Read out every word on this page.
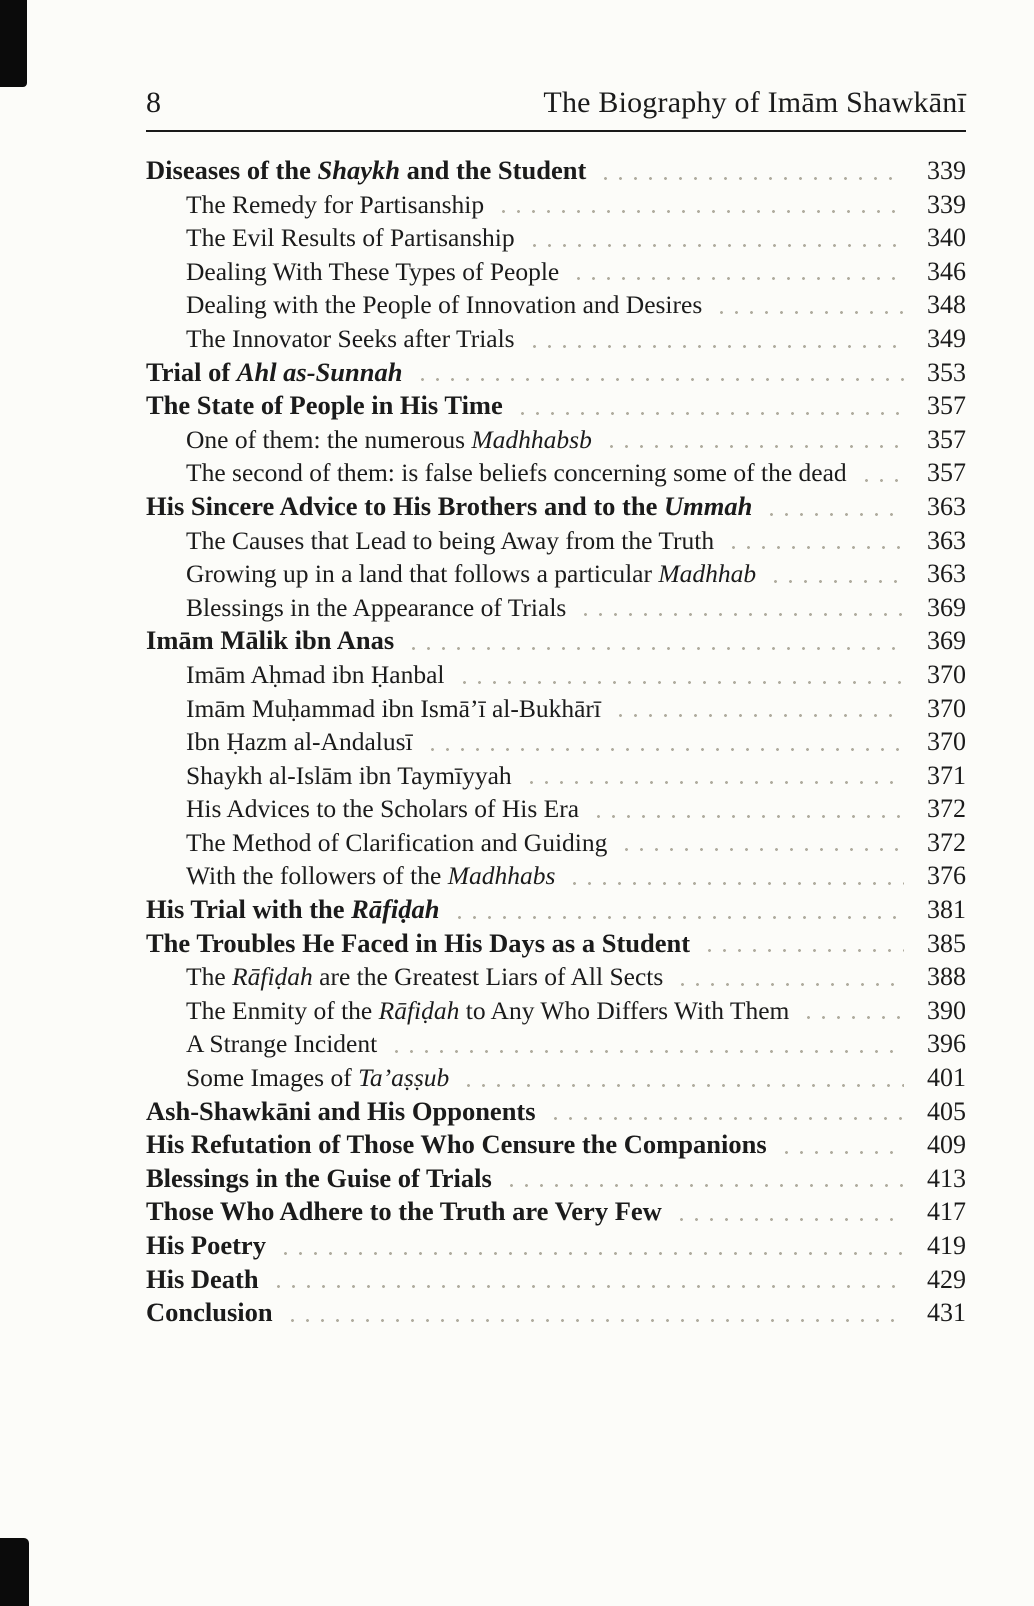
8	The Biography of Imām Shawkānī
Diseases of the Shaykh and the Student	339
The Remedy for Partisanship	339
The Evil Results of Partisanship	340
Dealing With These Types of People	346
Dealing with the People of Innovation and Desires	348
The Innovator Seeks after Trials	349
Trial of Ahl as-Sunnah	353
The State of People in His Time	357
One of them: the numerous Madhhabsb	357
The second of them: is false beliefs concerning some of the dead	357
His Sincere Advice to His Brothers and to the Ummah	363
The Causes that Lead to being Away from the Truth	363
Growing up in a land that follows a particular Madhhab	363
Blessings in the Appearance of Trials	369
Imām Mālik ibn Anas	369
Imām Aḥmad ibn Ḥanbal	370
Imām Muḥammad ibn Ismā’ī al-Bukhārī	370
Ibn Ḥazm al-Andalusī	370
Shaykh al-Islām ibn Taymīyyah	371
His Advices to the Scholars of His Era	372
The Method of Clarification and Guiding	372
With the followers of the Madhhabs	376
His Trial with the Rāfiḍah	381
The Troubles He Faced in His Days as a Student	385
The Rāfiḍah are the Greatest Liars of All Sects	388
The Enmity of the Rāfiḍah to Any Who Differs With Them	390
A Strange Incident	396
Some Images of Ta’aṣṣub	401
Ash-Shawkāni and His Opponents	405
His Refutation of Those Who Censure the Companions	409
Blessings in the Guise of Trials	413
Those Who Adhere to the Truth are Very Few	417
His Poetry	419
His Death	429
Conclusion	431
